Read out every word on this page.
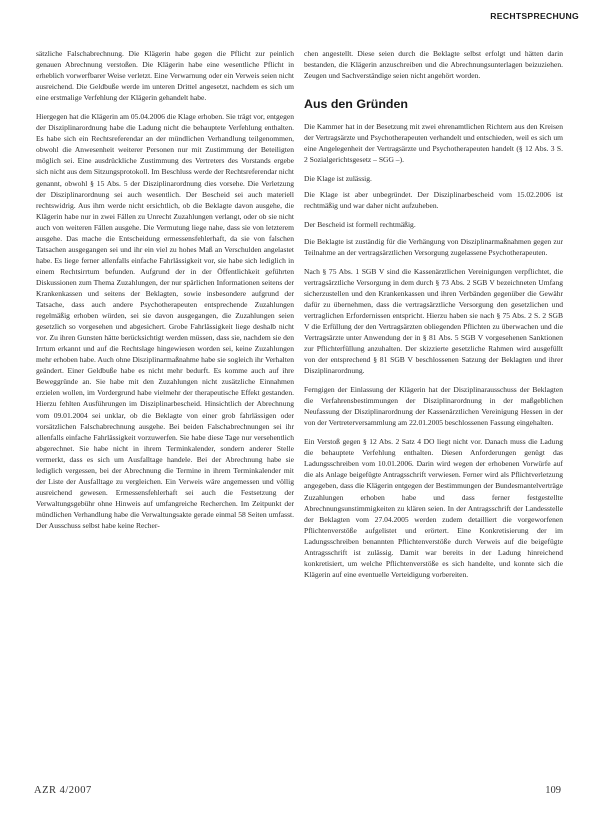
RECHTSPRECHUNG

sätzliche Falschabrechnung. Die Klägerin habe gegen die Pflicht zur peinlich genauen Abrechnung verstoßen. Die Klägerin habe eine wesentliche Pflicht in erheblich vorwerfbarer Weise verletzt. Eine Verwarnung oder ein Verweis seien nicht ausreichend. Die Geldbuße werde im unteren Drittel angesetzt, nachdem es sich um eine erstmalige Verfehlung der Klägerin gehandelt habe.

Hiergegen hat die Klägerin am 05.04.2006 die Klage erhoben. Sie trägt vor, entgegen der Disziplinarordnung habe die Ladung nicht die behauptete Verfehlung enthalten. Es habe sich ein Rechtsreferendar an der mündlichen Verhandlung teilgenommen, obwohl die Anwesenheit weiterer Personen nur mit Zustimmung der Beteiligten möglich sei. Eine ausdrückliche Zustimmung des Vertreters des Vorstands ergebe sich nicht aus dem Sitzungsprotokoll. Im Beschluss werde der Rechtsreferendar nicht genannt, obwohl § 15 Abs. 5 der Disziplinarordnung dies vorsehe. Die Verletzung der Disziplinarordnung sei auch wesentlich. Der Bescheid sei auch materiell rechtswidrig. Aus ihm werde nicht ersichtlich, ob die Beklagte davon ausgehe, die Klägerin habe nur in zwei Fällen zu Unrecht Zuzahlungen verlangt, oder ob sie nicht auch von weiteren Fällen ausgehe. Die Vermutung liege nahe, dass sie von letzterem ausgehe. Das mache die Entscheidung ermessensfehlerhaft, da sie von falschen Tatsachen ausgegangen sei und ihr ein viel zu hohes Maß an Verschulden angelastet habe. Es liege ferner allenfalls einfache Fahrlässigkeit vor, sie habe sich lediglich in einem Rechtsirrtum befunden. Aufgrund der in der Öffentlichkeit geführten Diskussionen zum Thema Zuzahlungen, der nur spärlichen Informationen seitens der Krankenkassen und seitens der Beklagten, sowie insbesondere aufgrund der Tatsache, dass auch andere Psychotherapeuten entsprechende Zuzahlungen regelmäßig erhoben würden, sei sie davon ausgegangen, die Zuzahlungen seien gesetzlich so vorgesehen und abgesichert. Grobe Fahrlässigkeit liege deshalb nicht vor. Zu ihren Gunsten hätte berücksichtigt werden müssen, dass sie, nachdem sie den Irrtum erkannt und auf die Rechtslage hingewiesen worden sei, keine Zuzahlungen mehr erhoben habe. Auch ohne Disziplinarmaßnahme habe sie sogleich ihr Verhalten geändert. Einer Geldbuße habe es nicht mehr bedurft. Es komme auch auf ihre Beweggründe an. Sie habe mit den Zuzahlungen nicht zusätzliche Einnahmen erzielen wollen, im Vordergrund habe vielmehr der therapeutische Effekt gestanden. Hierzu fehlten Ausführungen im Disziplinarbescheid. Hinsichtlich der Abrechnung vom 09.01.2004 sei unklar, ob die Beklagte von einer grob fahrlässigen oder vorsätzlichen Falschabrechnung ausgehe. Bei beiden Falschabrechnungen sei ihr allenfalls einfache Fahrlässigkeit vorzuwerfen. Sie habe diese Tage nur versehentlich abgerechnet. Sie habe nicht in ihrem Terminkalender, sondern anderer Stelle vermerkt, dass es sich um Ausfalltage handele. Bei der Abrechnung habe sie lediglich vergessen, bei der Abrechnung die Termine in ihrem Terminkalender mit der Liste der Ausfalltage zu vergleichen. Ein Verweis wäre angemessen und völlig ausreichend gewesen. Ermessensfehlerhaft sei auch die Festsetzung der Verwaltungsgebühr ohne Hinweis auf umfangreiche Recherchen. Im Zeitpunkt der mündlichen Verhandlung habe die Verwaltungsakte gerade einmal 58 Seiten umfasst. Der Ausschuss selbst habe keine Recher-

chen angestellt. Diese seien durch die Beklagte selbst erfolgt und hätten darin bestanden, die Klägerin anzuschreiben und die Abrechnungsunterlagen beizuziehen. Zeugen und Sachverständige seien nicht angehört worden.

Aus den Gründen

Die Kammer hat in der Besetzung mit zwei ehrenamtlichen Richtern aus den Kreisen der Vertragsärzte und Psychotherapeuten verhandelt und entschieden, weil es sich um eine Angelegenheit der Vertragsärzte und Psychotherapeuten handelt (§ 12 Abs. 3 S. 2 Sozialgerichtsgesetz – SGG –).

Die Klage ist zulässig.

Die Klage ist aber unbegründet. Der Disziplinarbescheid vom 15.02.2006 ist rechtmäßig und war daher nicht aufzuheben.

Der Bescheid ist formell rechtmäßig.

Die Beklagte ist zuständig für die Verhängung von Disziplinarmaßnahmen gegen zur Teilnahme an der vertragsärztlichen Versorgung zugelassene Psychotherapeuten.

Nach § 75 Abs. 1 SGB V sind die Kassenärztlichen Vereinigungen verpflichtet, die vertragsärztliche Versorgung in dem durch § 73 Abs. 2 SGB V bezeichneten Umfang sicherzustellen und den Krankenkassen und ihren Verbänden gegenüber die Gewähr dafür zu übernehmen, dass die vertragsärztliche Versorgung den gesetzlichen und vertraglichen Erfordernissen entspricht. Hierzu haben sie nach § 75 Abs. 2 S. 2 SGB V die Erfüllung der den Vertragsärzten obliegenden Pflichten zu überwachen und die Vertragsärzte unter Anwendung der in § 81 Abs. 5 SGB V vorgesehenen Sanktionen zur Pflichterfüllung anzuhalten. Der skizzierte gesetzliche Rahmen wird ausgefüllt von der entsprechend § 81 SGB V beschlossenen Satzung der Beklagten und ihrer Disziplinarordnung.

Ferngigen der Einlassung der Klägerin hat der Disziplinarausschuss der Beklagten die Verfahrensbestimmungen der Disziplinarordnung in der maßgeblichen Neufassung der Disziplinarordnung der Kassenärztlichen Vereinigung Hessen in der von der Vertreterversammlung am 22.01.2005 beschlossenen Fassung eingehalten.

Ein Verstoß gegen § 12 Abs. 2 Satz 4 DO liegt nicht vor. Danach muss die Ladung die behauptete Verfehlung enthalten. Diesen Anforderungen genügt das Ladungsschreiben vom 10.01.2006. Darin wird wegen der erhobenen Vorwürfe auf die als Anlage beigefügte Antragsschrift verwiesen. Ferner wird als Pflichtverletzung angegeben, dass die Klägerin entgegen der Bestimmungen der Bundesmantelverträge Zuzahlungen erhoben habe und dass ferner festgestellte Abrechnungsunstimmigkeiten zu klären seien. In der Antragsschrift der Landesstelle der Beklagten vom 27.04.2005 werden zudem detailliert die vorgeworfenen Pflichtenverstöße aufgelistet und erörtert. Eine Konkretisierung der im Ladungsschreiben benannten Pflichtenverstöße durch Verweis auf die beigefügte Antragsschrift ist zulässig. Damit war bereits in der Ladung hinreichend konkretisiert, um welche Pflichtenverstöße es sich handelte, und konnte sich die Klägerin auf eine eventuelle Verteidigung vorbereiten.

AZR 4/2007	109
